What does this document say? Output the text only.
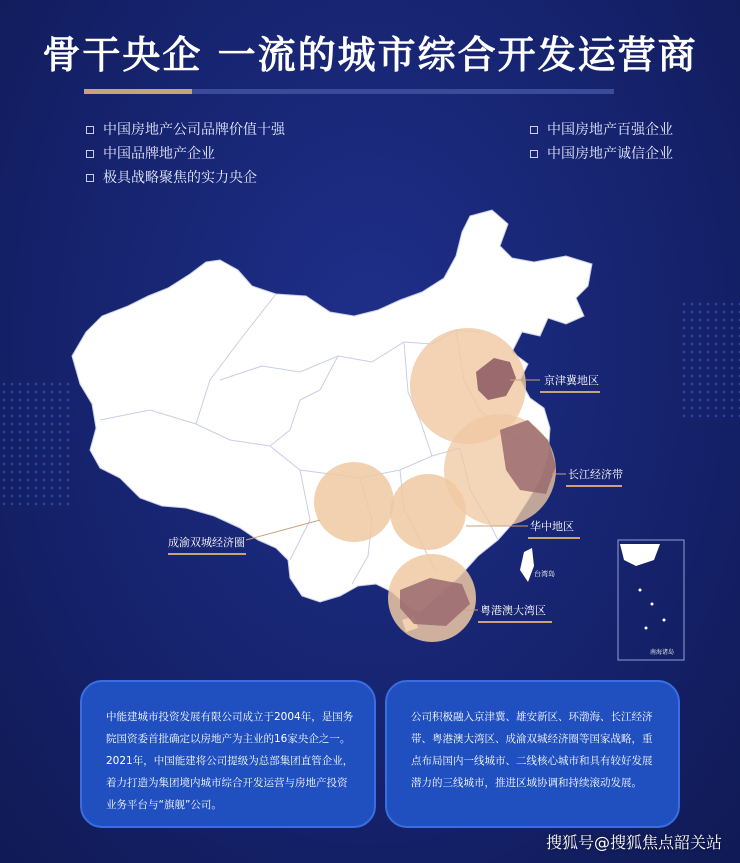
骨干央企 一流的城市综合开发运营商
中国房地产公司品牌价值十强
中国品牌地产企业
极具战略聚焦的实力央企
中国房地产百强企业
中国房地产诚信企业
台湾岛
南海诸岛
京津冀地区
长江经济带
华中地区
成渝双城经济圈
粤港澳大湾区
中能建城市投资发展有限公司成立于2004年，是国务院国资委首批确定以房地产为主业的16家央企之一。2021年，中国能建将公司提级为总部集团直管企业，着力打造为集团境内城市综合开发运营与房地产投资业务平台与“旗舰”公司。
公司积极融入京津冀、雄安新区、环渤海、长江经济带、粤港澳大湾区、成渝双城经济圈等国家战略，重点布局国内一线城市、二线核心城市和具有较好发展潜力的三线城市，推进区域协调和持续滚动发展。
搜狐号@搜狐焦点韶关站
